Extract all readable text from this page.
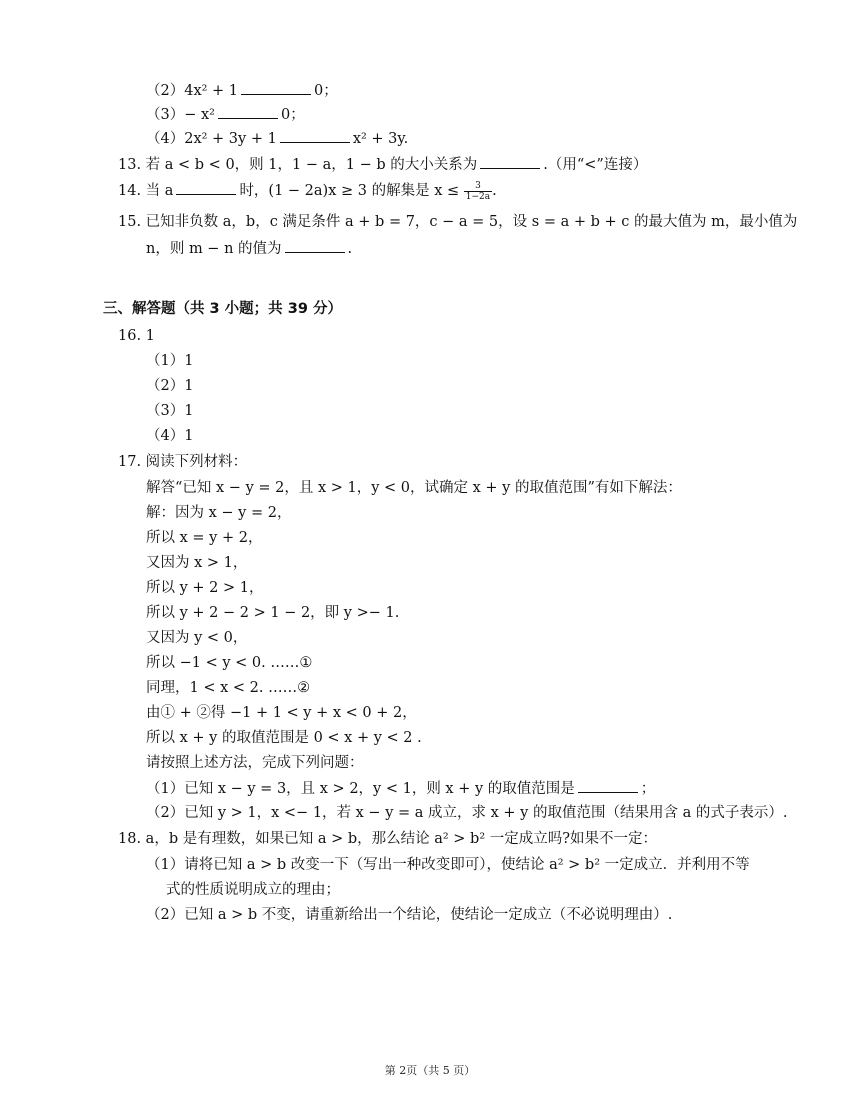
（2）4x² + 1	0；
（3）− x²	0；
（4）2x² + 3y + 1	x² + 3y.
13. 若 a < b < 0，则 1，1 − a，1 − b 的大小关系为	.（用“<”连接）
14. 当 a	时，(1 − 2a)x ≥ 3 的解集是 $x \le \frac{3}{1-2a}$ .
15. 已知非负数 a，b，c 满足条件 a + b = 7，c − a = 5，设 s = a + b + c 的最大值为 m，最小值为
n，则 m − n 的值为	.
三、解答题（共 3 小题；共 39 分）
16. 1
（1）1
（2）1
（3）1
（4）1
17. 阅读下列材料：
解答“已知 x − y = 2，且 x > 1，y < 0，试确定 x + y 的取值范围”有如下解法：
解：因为 x − y = 2，
所以 x = y + 2，
又因为 x > 1，
所以 y + 2 > 1，
所以 y + 2 − 2 > 1 − 2，即 y >− 1.
又因为 y < 0，
所以 −1 < y < 0. ……①
同理，1 < x < 2. ……②
由① + ②得 −1 + 1 < y + x < 0 + 2，
所以 x + y 的取值范围是 0 < x + y < 2 .
请按照上述方法，完成下列问题：
（1）已知 x − y = 3，且 x > 2，y < 1，则 x + y 的取值范围是	；
（2）已知 y > 1，x <− 1，若 x − y = a 成立，求 x + y 的取值范围（结果用含 a 的式子表示）.
18. a，b 是有理数，如果已知 a > b，那么结论 a² > b² 一定成立吗?如果不一定：
（1）请将已知 a > b 改变一下（写出一种改变即可），使结论 a² > b² 一定成立．并利用不等
式的性质说明成立的理由；
（2）已知 a > b 不变，请重新给出一个结论，使结论一定成立（不必说明理由）.
第 2页（共 5 页）
